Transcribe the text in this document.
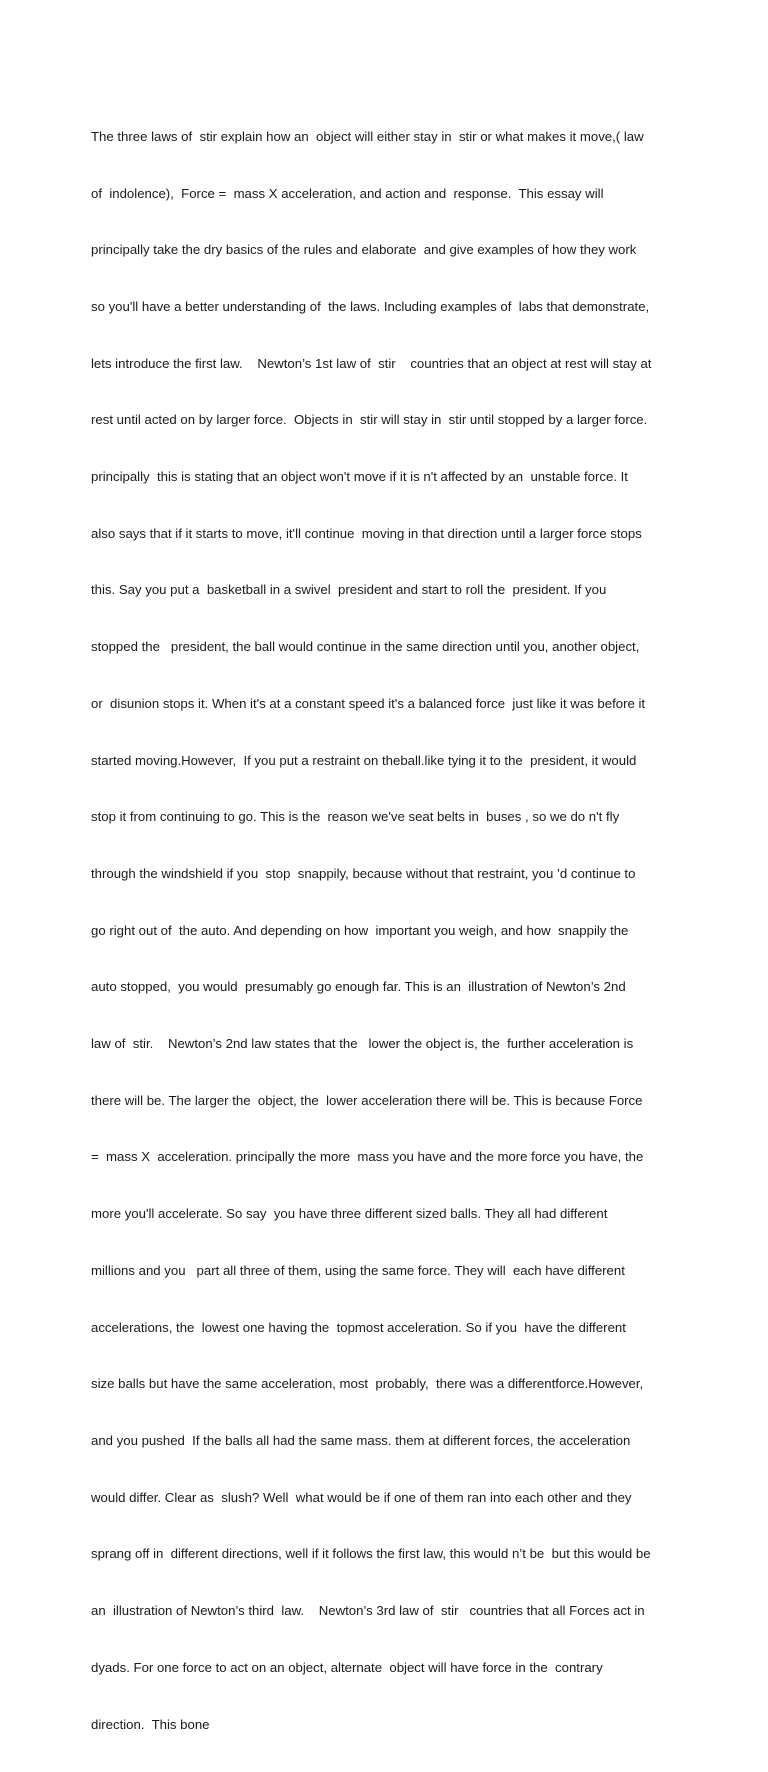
The three laws of  stir explain how an  object will either stay in  stir or what makes it move,( law

of  indolence),  Force =  mass X acceleration, and action and  response.  This essay will

principally take the dry basics of the rules and elaborate  and give examples of how they work

so you'll have a better understanding of  the laws. Including examples of  labs that demonstrate,

lets introduce the first law.    Newton’s 1st law of  stir    countries that an object at rest will stay at

rest until acted on by larger force.  Objects in  stir will stay in  stir until stopped by a larger force.

principally  this is stating that an object won't move if it is n't affected by an  unstable force. It

also says that if it starts to move, it'll continue  moving in that direction until a larger force stops

this. Say you put a  basketball in a swivel  president and start to roll the  president. If you

stopped the   president, the ball would continue in the same direction until you, another object,

or  disunion stops it. When it's at a constant speed it's a balanced force  just like it was before it

started moving.However,  If you put a restraint on theball.like tying it to the  president, it would

stop it from continuing to go. This is the  reason we've seat belts in  buses , so we do n't fly

through the windshield if you  stop  snappily, because without that restraint, you ’d continue to

go right out of  the auto. And depending on how  important you weigh, and how  snappily the

auto stopped,  you would  presumably go enough far. This is an  illustration of Newton’s 2nd

law of  stir.    Newton’s 2nd law states that the   lower the object is, the  further acceleration is

there will be. The larger the  object, the  lower acceleration there will be. This is because Force

=  mass X  acceleration. principally the more  mass you have and the more force you have, the

more you'll accelerate. So say  you have three different sized balls. They all had different

millions and you   part all three of them, using the same force. They will  each have different

accelerations, the  lowest one having the  topmost acceleration. So if you  have the different

size balls but have the same acceleration, most  probably,  there was a differentforce.However,

and you pushed  If the balls all had the same mass. them at different forces, the acceleration

would differ. Clear as  slush? Well  what would be if one of them ran into each other and they

sprang off in  different directions, well if it follows the first law, this would n’t be  but this would be

an  illustration of Newton’s third  law.    Newton’s 3rd law of  stir   countries that all Forces act in

dyads. For one force to act on an object, alternate  object will have force in the  contrary

direction.  This bone
